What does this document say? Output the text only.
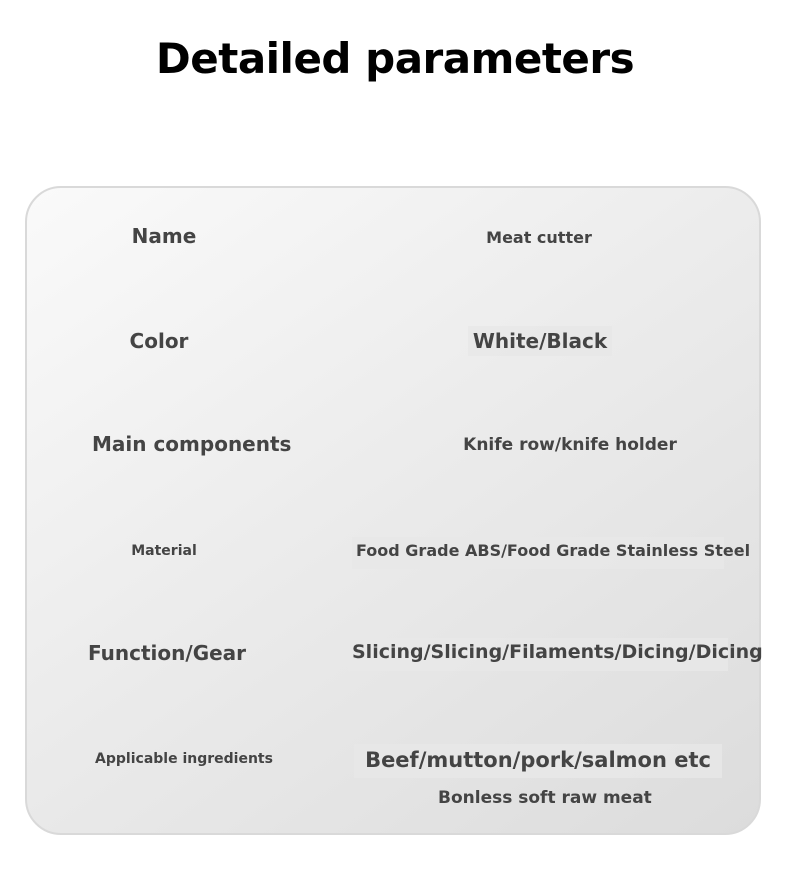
Detailed parameters
Name	Meat cutter
Color	White/Black
Main components	Knife row/knife holder
Material	Food Grade ABS/Food Grade Stainless Steel
Function/Gear	Slicing/Slicing/Filaments/Dicing/Dicing
Applicable ingredients	Beef/mutton/pork/salmon etc
Bonless soft raw meat
